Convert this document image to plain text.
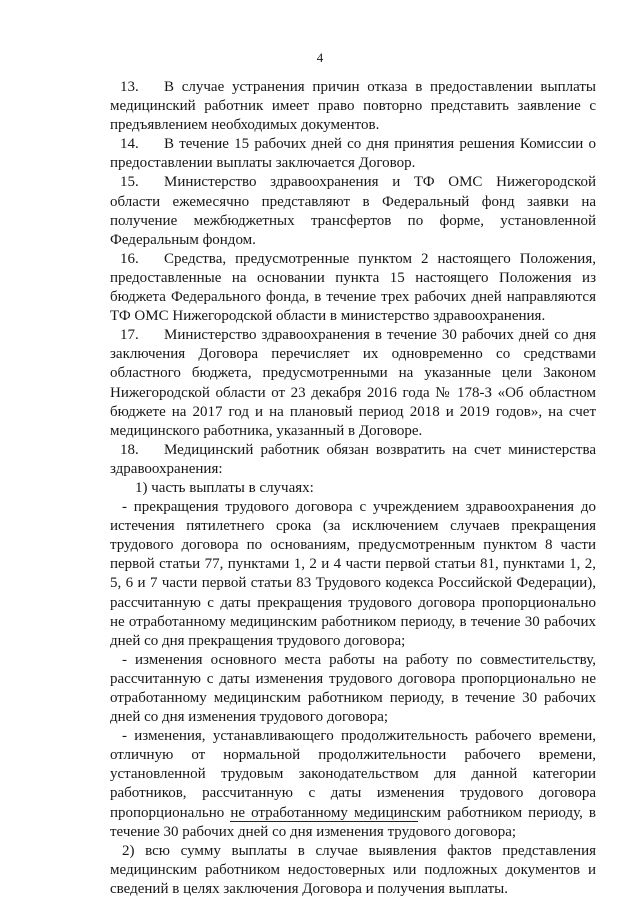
4

13. В случае устранения причин отказа в предоставлении выплаты медицинский работник имеет право повторно представить заявление с предъявлением необходимых документов.

14. В течение 15 рабочих дней со дня принятия решения Комиссии о предоставлении выплаты заключается Договор.

15. Министерство здравоохранения и ТФ ОМС Нижегородской области ежемесячно представляют в Федеральный фонд заявки на получение межбюджетных трансфертов по форме, установленной Федеральным фондом.

16. Средства, предусмотренные пунктом 2 настоящего Положения, предоставленные на основании пункта 15 настоящего Положения из бюджета Федерального фонда, в течение трех рабочих дней направляются ТФ ОМС Нижегородской области в министерство здравоохранения.

17. Министерство здравоохранения в течение 30 рабочих дней со дня заключения Договора перечисляет их одновременно со средствами областного бюджета, предусмотренными на указанные цели Законом Нижегородской области от 23 декабря 2016 года № 178-З «Об областном бюджете на 2017 год и на плановый период 2018 и 2019 годов», на счет медицинского работника, указанный в Договоре.

18. Медицинский работник обязан возвратить на счет министерства здравоохранения:

1) часть выплаты в случаях:

- прекращения трудового договора с учреждением здравоохранения до истечения пятилетнего срока (за исключением случаев прекращения трудового договора по основаниям, предусмотренным пунктом 8 части первой статьи 77, пунктами 1, 2 и 4 части первой статьи 81, пунктами 1, 2, 5, 6 и 7 части первой статьи 83 Трудового кодекса Российской Федерации), рассчитанную с даты прекращения трудового договора пропорционально не отработанному медицинским работником периоду, в течение 30 рабочих дней со дня прекращения трудового договора;

- изменения основного места работы на работу по совместительству, рассчитанную с даты изменения трудового договора пропорционально не отработанному медицинским работником периоду, в течение 30 рабочих дней со дня изменения трудового договора;

- изменения, устанавливающего продолжительность рабочего времени, отличную от нормальной продолжительности рабочего времени, установленной трудовым законодательством для данной категории работников, рассчитанную с даты изменения трудового договора пропорционально не отработанному медицинским работником периоду, в течение 30 рабочих дней со дня изменения трудового договора;

2) всю сумму выплаты в случае выявления фактов представления медицинским работником недостоверных или подложных документов и сведений в целях заключения Договора и получения выплаты.
